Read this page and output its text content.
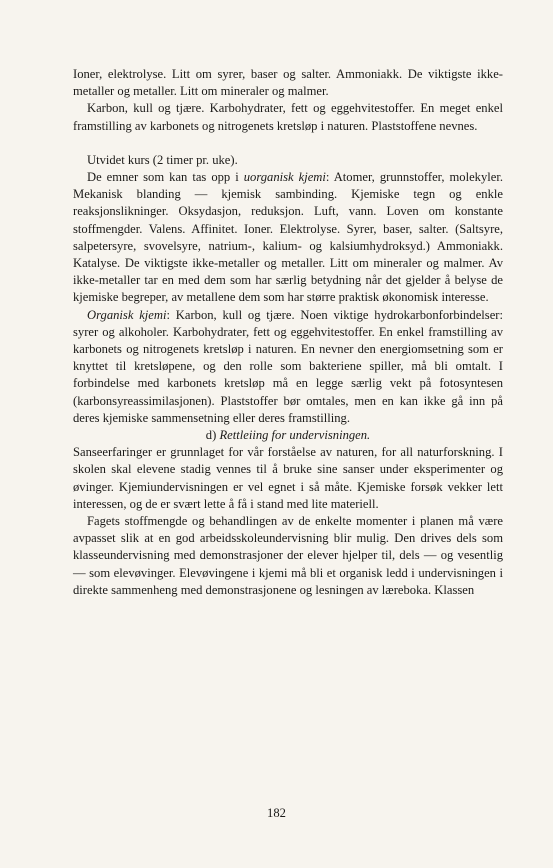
Ioner, elektrolyse. Litt om syrer, baser og salter. Ammoniakk. De viktigste ikke-metaller og metaller. Litt om mineraler og malmer.

Karbon, kull og tjære. Karbohydrater, fett og eggehvitestoffer. En meget enkel framstilling av karbonets og nitrogenets kretsløp i naturen. Plaststoffene nevnes.

Utvidet kurs (2 timer pr. uke).

De emner som kan tas opp i uorganisk kjemi: Atomer, grunnstoffer, molekyler. Mekanisk blanding — kjemisk sambinding. Kjemiske tegn og enkle reaksjonslikninger. Oksydasjon, reduksjon. Luft, vann. Loven om konstante stoffmengder. Valens. Affinitet. Ioner. Elektrolyse. Syrer, baser, salter. (Saltsyre, salpetersyre, svovelsyre, natrium-, kalium- og kalsiumhydroksyd.) Ammoniakk. Katalyse. De viktigste ikke-metaller og metaller. Litt om mineraler og malmer. Av ikke-metaller tar en med dem som har særlig betydning når det gjelder å belyse de kjemiske begreper, av metallene dem som har større praktisk økonomisk interesse.

Organisk kjemi: Karbon, kull og tjære. Noen viktige hydrokarbonforbindelser: syrer og alkoholer. Karbohydrater, fett og eggehvitestoffer. En enkel framstilling av karbonets og nitrogenets kretsløp i naturen. En nevner den energiomsetning som er knyttet til kretsløpene, og den rolle som bakteriene spiller, må bli omtalt. I forbindelse med karbonets kretsløp må en legge særlig vekt på fotosyntesen (karbonsyreassimilasjonen). Plaststoffer bør omtales, men en kan ikke gå inn på deres kjemiske sammensetning eller deres framstilling.

d) Rettleiing for undervisningen.

Sanseerfaringer er grunnlaget for vår forståelse av naturen, for all naturforskning. I skolen skal elevene stadig vennes til å bruke sine sanser under eksperimenter og øvinger. Kjemiundervisningen er vel egnet i så måte. Kjemiske forsøk vekker lett interessen, og de er svært lette å få i stand med lite materiell.

Fagets stoffmengde og behandlingen av de enkelte momenter i planen må være avpasset slik at en god arbeidsskoleundervisning blir mulig. Den drives dels som klasseundervisning med demonstrasjoner der elever hjelper til, dels — og vesentlig — som elevøvinger. Elevøvingene i kjemi må bli et organisk ledd i undervisningen i direkte sammenheng med demonstrasjonene og lesningen av læreboka. Klassen

182
